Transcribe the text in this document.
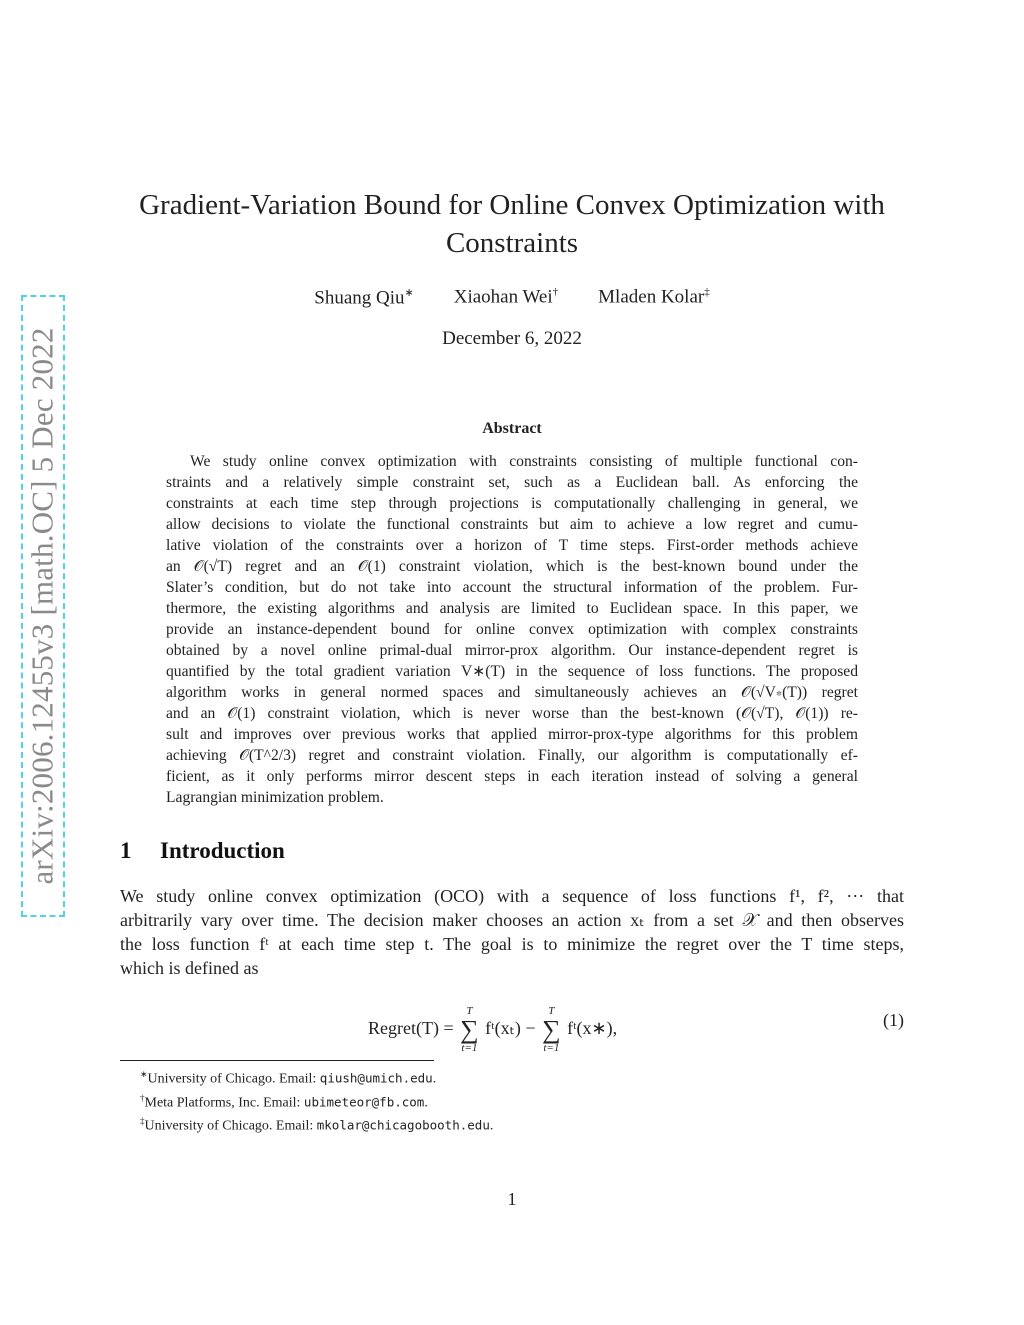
arXiv:2006.12455v3 [math.OC] 5 Dec 2022
Gradient-Variation Bound for Online Convex Optimization with
Constraints
Shuang Qiu∗ Xiaohan Wei† Mladen Kolar‡
December 6, 2022
Abstract
We study online convex optimization with constraints consisting of multiple functional con-
straints and a relatively simple constraint set, such as a Euclidean ball. As enforcing the
constraints at each time step through projections is computationally challenging in general, we
allow decisions to violate the functional constraints but aim to achieve a low regret and cumu-
lative violation of the constraints over a horizon of T time steps. First-order methods achieve
an 𝒪(√T) regret and an 𝒪(1) constraint violation, which is the best-known bound under the
Slater’s condition, but do not take into account the structural information of the problem. Fur-
thermore, the existing algorithms and analysis are limited to Euclidean space. In this paper, we
provide an instance-dependent bound for online convex optimization with complex constraints
obtained by a novel online primal-dual mirror-prox algorithm. Our instance-dependent regret is
quantified by the total gradient variation V∗(T) in the sequence of loss functions. The proposed
algorithm works in general normed spaces and simultaneously achieves an 𝒪(√V∗(T)) regret
and an 𝒪(1) constraint violation, which is never worse than the best-known (𝒪(√T), 𝒪(1)) re-
sult and improves over previous works that applied mirror-prox-type algorithms for this problem
achieving 𝒪(T^2/3) regret and constraint violation. Finally, our algorithm is computationally ef-
ficient, as it only performs mirror descent steps in each iteration instead of solving a general
Lagrangian minimization problem.
1 Introduction
We study online convex optimization (OCO) with a sequence of loss functions f¹, f², ··· that
arbitrarily vary over time. The decision maker chooses an action xₜ from a set 𝒳 and then observes
the loss function fᵗ at each time step t. The goal is to minimize the regret over the T time steps,
which is defined as
Regret(T) =
T
∑
t=1
fᵗ(xₜ) −
T
∑
t=1
fᵗ(x∗),	(1)
∗University of Chicago. Email: qiush@umich.edu.
†Meta Platforms, Inc. Email: ubimeteor@fb.com.
‡University of Chicago. Email: mkolar@chicagobooth.edu.
1
